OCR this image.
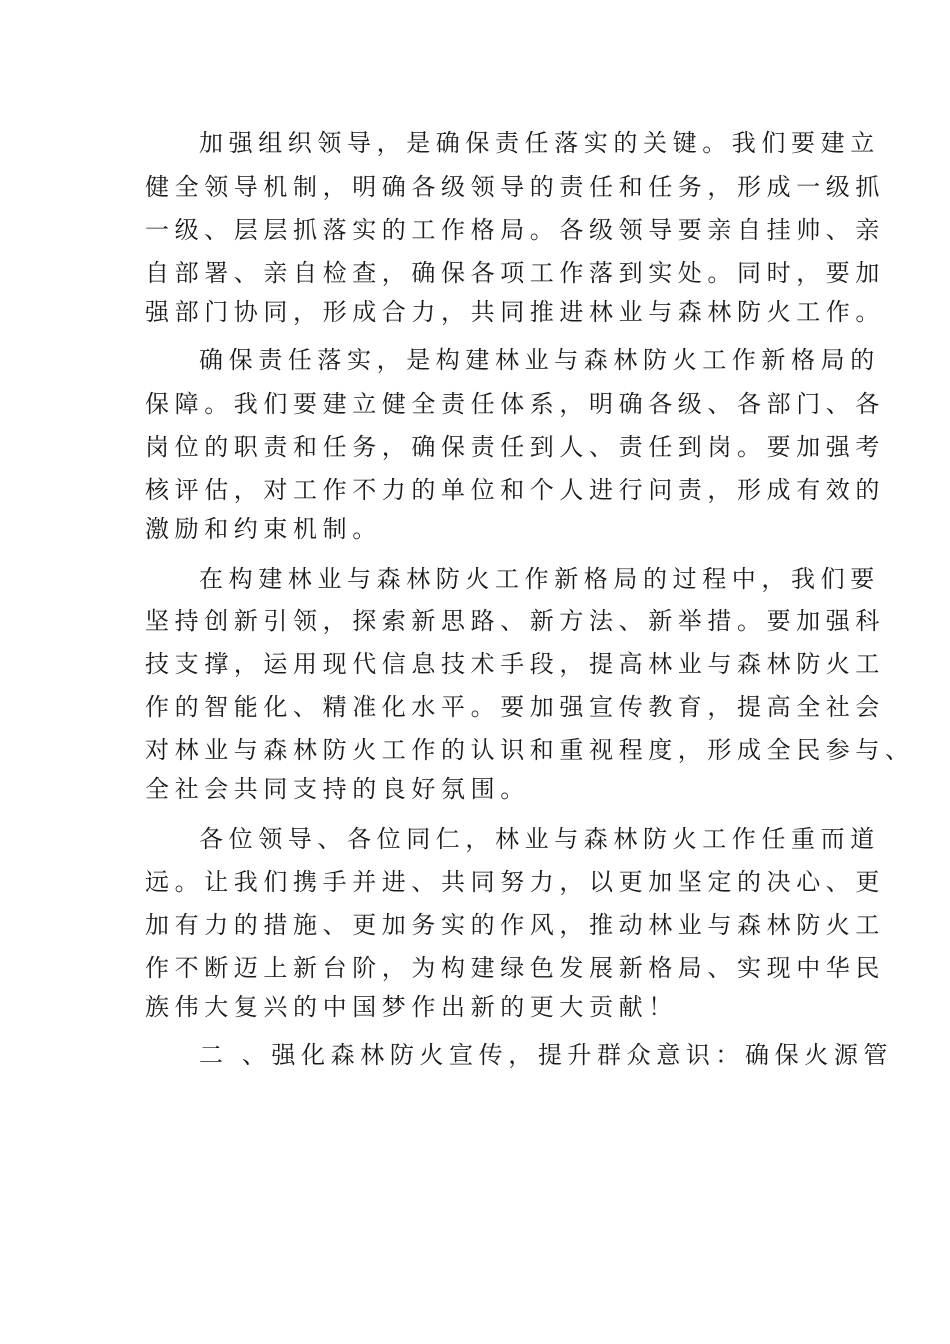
加强组织领导，是确保责任落实的关键。我们要建立
健全领导机制，明确各级领导的责任和任务，形成一级抓
一级、层层抓落实的工作格局。各级领导要亲自挂帅、亲
自部署、亲自检查，确保各项工作落到实处。同时，要加
强部门协同，形成合力，共同推进林业与森林防火工作。
确保责任落实，是构建林业与森林防火工作新格局的
保障。我们要建立健全责任体系，明确各级、各部门、各
岗位的职责和任务，确保责任到人、责任到岗。要加强考
核评估，对工作不力的单位和个人进行问责，形成有效的
激励和约束机制。
在构建林业与森林防火工作新格局的过程中，我们要
坚持创新引领，探索新思路、新方法、新举措。要加强科
技支撑，运用现代信息技术手段，提高林业与森林防火工
作的智能化、精准化水平。要加强宣传教育，提高全社会
对林业与森林防火工作的认识和重视程度，形成全民参与、
全社会共同支持的良好氛围。
各位领导、各位同仁，林业与森林防火工作任重而道
远。让我们携手并进、共同努力，以更加坚定的决心、更
加有力的措施、更加务实的作风，推动林业与森林防火工
作不断迈上新台阶，为构建绿色发展新格局、实现中华民
族伟大复兴的中国梦作出新的更大贡献！
二 、强化森林防火宣传，提升群众意识：确保火源管
